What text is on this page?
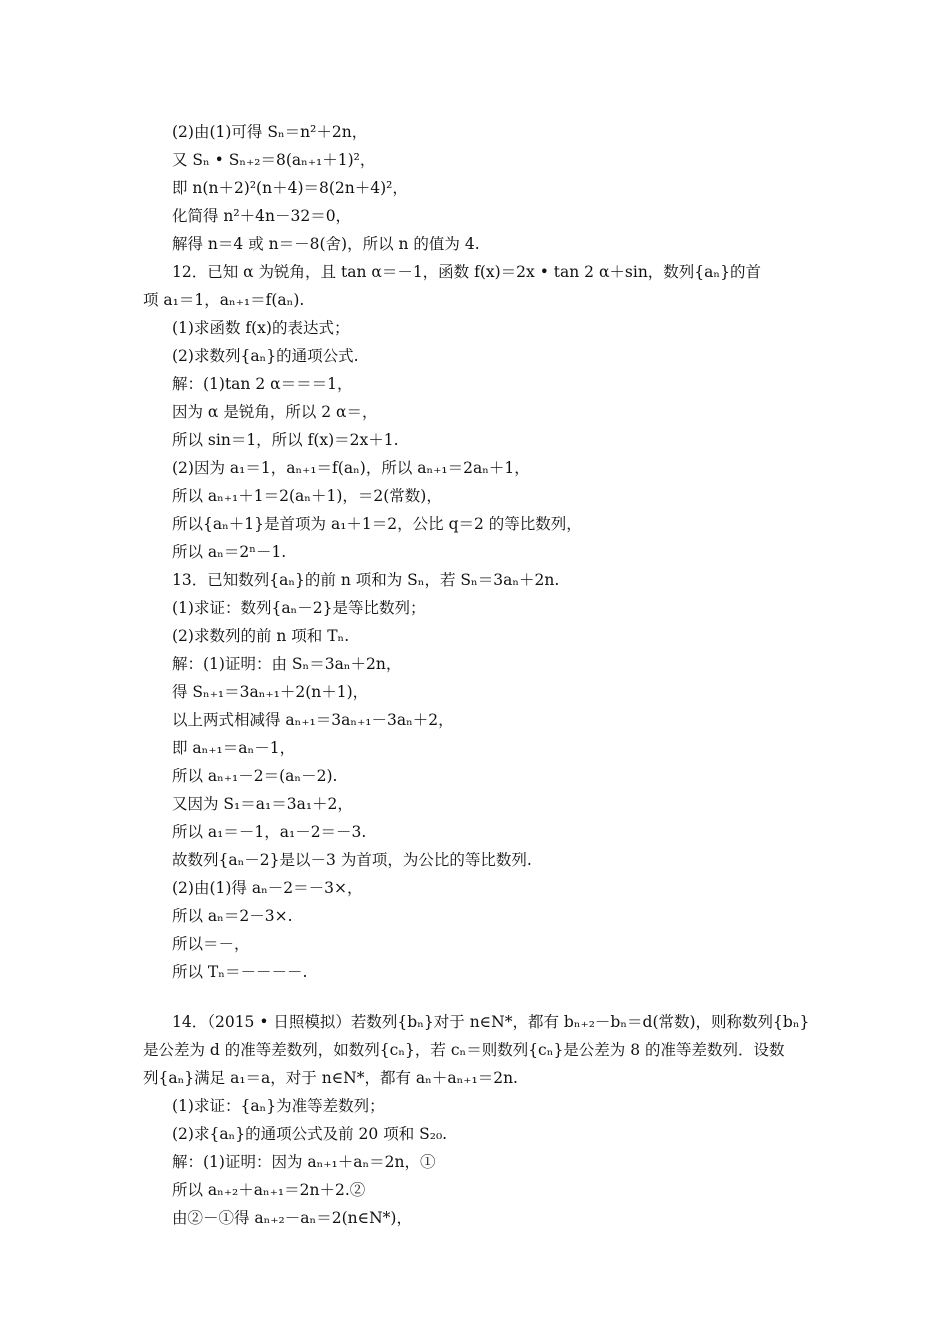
(2)由(1)可得 Sₙ＝n²＋2n，
又 Sₙ • Sₙ₊₂＝8(aₙ₊₁＋1)²，
即 n(n＋2)²(n＋4)＝8(2n＋4)²，
化简得 n²＋4n－32＝0，
解得 n＝4 或 n＝－8(舍)，所以 n 的值为 4.
12．已知 α 为锐角，且 tan α＝－1，函数 f(x)＝2x • tan 2 α＋sin，数列{aₙ}的首
项 a₁＝1，aₙ₊₁＝f(aₙ).
(1)求函数 f(x)的表达式；
(2)求数列{aₙ}的通项公式.
解：(1)tan 2 α＝＝＝1，
因为 α 是锐角，所以 2 α＝，
所以 sin＝1，所以 f(x)＝2x＋1.
(2)因为 a₁＝1，aₙ₊₁＝f(aₙ)，所以 aₙ₊₁＝2aₙ＋1，
所以 aₙ₊₁＋1＝2(aₙ＋1)，＝2(常数)，
所以{aₙ＋1}是首项为 a₁＋1＝2，公比 q＝2 的等比数列，
所以 aₙ＝2ⁿ－1.
13．已知数列{aₙ}的前 n 项和为 Sₙ，若 Sₙ＝3aₙ＋2n.
(1)求证：数列{aₙ－2}是等比数列；
(2)求数列的前 n 项和 Tₙ.
解：(1)证明：由 Sₙ＝3aₙ＋2n，
得 Sₙ₊₁＝3aₙ₊₁＋2(n＋1)，
以上两式相减得 aₙ₊₁＝3aₙ₊₁－3aₙ＋2，
即 aₙ₊₁＝aₙ－1，
所以 aₙ₊₁－2＝(aₙ－2).
又因为 S₁＝a₁＝3a₁＋2，
所以 a₁＝－1，a₁－2＝－3.
故数列{aₙ－2}是以－3 为首项，为公比的等比数列.
(2)由(1)得 aₙ－2＝－3×，
所以 aₙ＝2－3×.
所以＝－，
所以 Tₙ＝－－－－.
14．（2015 • 日照模拟）若数列{bₙ}对于 n∈N*，都有 bₙ₊₂－bₙ＝d(常数)，则称数列{bₙ}
是公差为 d 的准等差数列，如数列{cₙ}，若 cₙ＝则数列{cₙ}是公差为 8 的准等差数列．设数
列{aₙ}满足 a₁＝a，对于 n∈N*，都有 aₙ＋aₙ₊₁＝2n.
(1)求证：{aₙ}为准等差数列；
(2)求{aₙ}的通项公式及前 20 项和 S₂₀.
解：(1)证明：因为 aₙ₊₁＋aₙ＝2n，①
所以 aₙ₊₂＋aₙ₊₁＝2n＋2.②
由②－①得 aₙ₊₂－aₙ＝2(n∈N*)，
